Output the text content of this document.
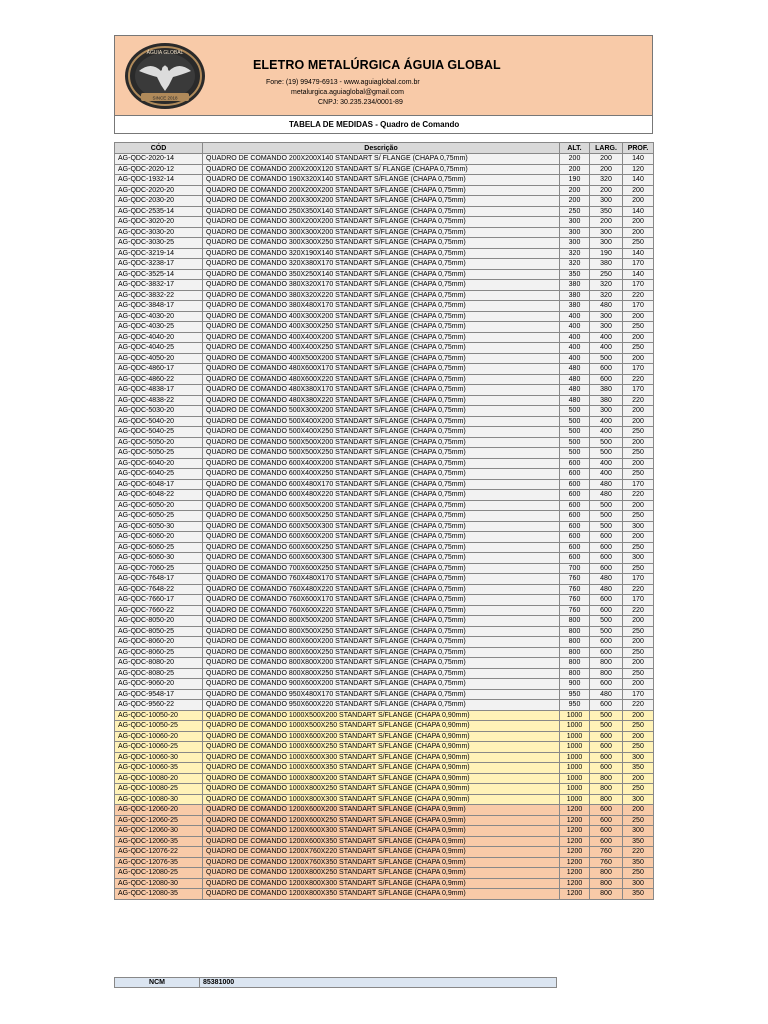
ÁGUIA GLOBAL
SINCE 2018
ELETRO METALÚRGICA ÁGUIA GLOBAL
Fone: (19) 99479-6913 - www.aguiaglobal.com.br
metalurgica.aguiaglobal@gmail.com
CNPJ: 30.235.234/0001-89
TABELA DE MEDIDAS - Quadro de Comando
CÓD	Descrição	ALT.	LARG.	PROF.
AG-QDC-2020-14	QUADRO DE COMANDO 200X200X140 STANDART S/ FLANGE (CHAPA 0,75mm)	200	200	140
AG-QDC-2020-12	QUADRO DE COMANDO 200X200X120 STANDART S/ FLANGE (CHAPA 0,75mm)	200	200	120
AG-QDC-1932-14	QUADRO DE COMANDO 190X320X140 STANDART S/FLANGE (CHAPA 0,75mm)	190	320	140
AG-QDC-2020-20	QUADRO DE COMANDO 200X200X200 STANDART S/FLANGE (CHAPA 0,75mm)	200	200	200
AG-QDC-2030-20	QUADRO DE COMANDO 200X300X200 STANDART S/FLANGE (CHAPA 0,75mm)	200	300	200
AG-QDC-2535-14	QUADRO DE COMANDO 250X350X140 STANDART S/FLANGE (CHAPA 0,75mm)	250	350	140
AG-QDC-3020-20	QUADRO DE COMANDO 300X200X200 STANDART S/FLANGE (CHAPA 0,75mm)	300	200	200
AG-QDC-3030-20	QUADRO DE COMANDO 300X300X200 STANDART S/FLANGE (CHAPA 0,75mm)	300	300	200
AG-QDC-3030-25	QUADRO DE COMANDO 300X300X250 STANDART S/FLANGE (CHAPA 0,75mm)	300	300	250
AG-QDC-3219-14	QUADRO DE COMANDO 320X190X140 STANDART S/FLANGE (CHAPA 0,75mm)	320	190	140
AG-QDC-3238-17	QUADRO DE COMANDO 320X380X170 STANDART S/FLANGE (CHAPA 0,75mm)	320	380	170
AG-QDC-3525-14	QUADRO DE COMANDO 350X250X140 STANDART S/FLANGE (CHAPA 0,75mm)	350	250	140
AG-QDC-3832-17	QUADRO DE COMANDO 380X320X170 STANDART S/FLANGE (CHAPA 0,75mm)	380	320	170
AG-QDC-3832-22	QUADRO DE COMANDO 380X320X220 STANDART S/FLANGE (CHAPA 0,75mm)	380	320	220
AG-QDC-3848-17	QUADRO DE COMANDO 380X480X170 STANDART S/FLANGE (CHAPA 0,75mm)	380	480	170
AG-QDC-4030-20	QUADRO DE COMANDO 400X300X200 STANDART S/FLANGE (CHAPA 0,75mm)	400	300	200
AG-QDC-4030-25	QUADRO DE COMANDO 400X300X250 STANDART S/FLANGE (CHAPA 0,75mm)	400	300	250
AG-QDC-4040-20	QUADRO DE COMANDO 400X400X200 STANDART S/FLANGE (CHAPA 0,75mm)	400	400	200
AG-QDC-4040-25	QUADRO DE COMANDO 400X400X250 STANDART S/FLANGE (CHAPA 0,75mm)	400	400	250
AG-QDC-4050-20	QUADRO DE COMANDO 400X500X200 STANDART S/FLANGE (CHAPA 0,75mm)	400	500	200
AG-QDC-4860-17	QUADRO DE COMANDO 480X600X170 STANDART S/FLANGE (CHAPA 0,75mm)	480	600	170
AG-QDC-4860-22	QUADRO DE COMANDO 480X600X220 STANDART S/FLANGE (CHAPA 0,75mm)	480	600	220
AG-QDC-4838-17	QUADRO DE COMANDO 480X380X170 STANDART S/FLANGE (CHAPA 0,75mm)	480	380	170
AG-QDC-4838-22	QUADRO DE COMANDO 480X380X220 STANDART S/FLANGE (CHAPA 0,75mm)	480	380	220
AG-QDC-5030-20	QUADRO DE COMANDO 500X300X200 STANDART S/FLANGE (CHAPA 0,75mm)	500	300	200
AG-QDC-5040-20	QUADRO DE COMANDO 500X400X200 STANDART S/FLANGE (CHAPA 0,75mm)	500	400	200
AG-QDC-5040-25	QUADRO DE COMANDO 500X400X250 STANDART S/FLANGE (CHAPA 0,75mm)	500	400	250
AG-QDC-5050-20	QUADRO DE COMANDO 500X500X200 STANDART S/FLANGE (CHAPA 0,75mm)	500	500	200
AG-QDC-5050-25	QUADRO DE COMANDO 500X500X250 STANDART S/FLANGE (CHAPA 0,75mm)	500	500	250
AG-QDC-6040-20	QUADRO DE COMANDO 600X400X200 STANDART S/FLANGE (CHAPA 0,75mm)	600	400	200
AG-QDC-6040-25	QUADRO DE COMANDO 600X400X250 STANDART S/FLANGE (CHAPA 0,75mm)	600	400	250
AG-QDC-6048-17	QUADRO DE COMANDO 600X480X170 STANDART S/FLANGE (CHAPA 0,75mm)	600	480	170
AG-QDC-6048-22	QUADRO DE COMANDO 600X480X220 STANDART S/FLANGE (CHAPA 0,75mm)	600	480	220
AG-QDC-6050-20	QUADRO DE COMANDO 600X500X200 STANDART S/FLANGE (CHAPA 0,75mm)	600	500	200
AG-QDC-6050-25	QUADRO DE COMANDO 600X500X250 STANDART S/FLANGE (CHAPA 0,75mm)	600	500	250
AG-QDC-6050-30	QUADRO DE COMANDO 600X500X300 STANDART S/FLANGE (CHAPA 0,75mm)	600	500	300
AG-QDC-6060-20	QUADRO DE COMANDO 600X600X200 STANDART S/FLANGE (CHAPA 0,75mm)	600	600	200
AG-QDC-6060-25	QUADRO DE COMANDO 600X600X250 STANDART S/FLANGE (CHAPA 0,75mm)	600	600	250
AG-QDC-6060-30	QUADRO DE COMANDO 600X600X300 STANDART S/FLANGE (CHAPA 0,75mm)	600	600	300
AG-QDC-7060-25	QUADRO DE COMANDO 700X600X250 STANDART S/FLANGE (CHAPA 0,75mm)	700	600	250
AG-QDC-7648-17	QUADRO DE COMANDO 760X480X170 STANDART S/FLANGE (CHAPA 0,75mm)	760	480	170
AG-QDC-7648-22	QUADRO DE COMANDO 760X480X220 STANDART S/FLANGE (CHAPA 0,75mm)	760	480	220
AG-QDC-7660-17	QUADRO DE COMANDO 760X600X170 STANDART S/FLANGE (CHAPA 0,75mm)	760	600	170
AG-QDC-7660-22	QUADRO DE COMANDO 760X600X220 STANDART S/FLANGE (CHAPA 0,75mm)	760	600	220
AG-QDC-8050-20	QUADRO DE COMANDO 800X500X200 STANDART S/FLANGE (CHAPA 0,75mm)	800	500	200
AG-QDC-8050-25	QUADRO DE COMANDO 800X500X250 STANDART S/FLANGE (CHAPA 0,75mm)	800	500	250
AG-QDC-8060-20	QUADRO DE COMANDO 800X600X200 STANDART S/FLANGE (CHAPA 0,75mm)	800	600	200
AG-QDC-8060-25	QUADRO DE COMANDO 800X600X250 STANDART S/FLANGE (CHAPA 0,75mm)	800	600	250
AG-QDC-8080-20	QUADRO DE COMANDO 800X800X200 STANDART S/FLANGE (CHAPA 0,75mm)	800	800	200
AG-QDC-8080-25	QUADRO DE COMANDO 800X800X250 STANDART S/FLANGE (CHAPA 0,75mm)	800	800	250
AG-QDC-9060-20	QUADRO DE COMANDO 900X600X200 STANDART S/FLANGE (CHAPA 0,75mm)	900	600	200
AG-QDC-9548-17	QUADRO DE COMANDO 950X480X170 STANDART S/FLANGE (CHAPA 0,75mm)	950	480	170
AG-QDC-9560-22	QUADRO DE COMANDO 950X600X220 STANDART S/FLANGE (CHAPA 0,75mm)	950	600	220
AG-QDC-10050-20	QUADRO DE COMANDO 1000X500X200 STANDART S/FLANGE (CHAPA 0,90mm)	1000	500	200
AG-QDC-10050-25	QUADRO DE COMANDO 1000X500X250 STANDART S/FLANGE (CHAPA 0,90mm)	1000	500	250
AG-QDC-10060-20	QUADRO DE COMANDO 1000X600X200 STANDART S/FLANGE (CHAPA 0,90mm)	1000	600	200
AG-QDC-10060-25	QUADRO DE COMANDO 1000X600X250 STANDART S/FLANGE (CHAPA 0,90mm)	1000	600	250
AG-QDC-10060-30	QUADRO DE COMANDO 1000X600X300 STANDART S/FLANGE (CHAPA 0,90mm)	1000	600	300
AG-QDC-10060-35	QUADRO DE COMANDO 1000X600X350 STANDART S/FLANGE (CHAPA 0,90mm)	1000	600	350
AG-QDC-10080-20	QUADRO DE COMANDO 1000X800X200 STANDART S/FLANGE (CHAPA 0,90mm)	1000	800	200
AG-QDC-10080-25	QUADRO DE COMANDO 1000X800X250 STANDART S/FLANGE (CHAPA 0,90mm)	1000	800	250
AG-QDC-10080-30	QUADRO DE COMANDO 1000X800X300 STANDART S/FLANGE (CHAPA 0,90mm)	1000	800	300
AG-QDC-12060-20	QUADRO DE COMANDO 1200X600X200 STANDART S/FLANGE (CHAPA 0,9mm)	1200	600	200
AG-QDC-12060-25	QUADRO DE COMANDO 1200X600X250 STANDART S/FLANGE (CHAPA 0,9mm)	1200	600	250
AG-QDC-12060-30	QUADRO DE COMANDO 1200X600X300 STANDART S/FLANGE (CHAPA 0,9mm)	1200	600	300
AG-QDC-12060-35	QUADRO DE COMANDO 1200X600X350 STANDART S/FLANGE (CHAPA 0,9mm)	1200	600	350
AG-QDC-12076-22	QUADRO DE COMANDO 1200X760X220 STANDART S/FLANGE (CHAPA 0,9mm)	1200	760	220
AG-QDC-12076-35	QUADRO DE COMANDO 1200X760X350 STANDART S/FLANGE (CHAPA 0,9mm)	1200	760	350
AG-QDC-12080-25	QUADRO DE COMANDO 1200X800X250 STANDART S/FLANGE (CHAPA 0,9mm)	1200	800	250
AG-QDC-12080-30	QUADRO DE COMANDO 1200X800X300 STANDART S/FLANGE (CHAPA 0,9mm)	1200	800	300
AG-QDC-12080-35	QUADRO DE COMANDO 1200X800X350 STANDART S/FLANGE (CHAPA 0,9mm)	1200	800	350
NCM	85381000
